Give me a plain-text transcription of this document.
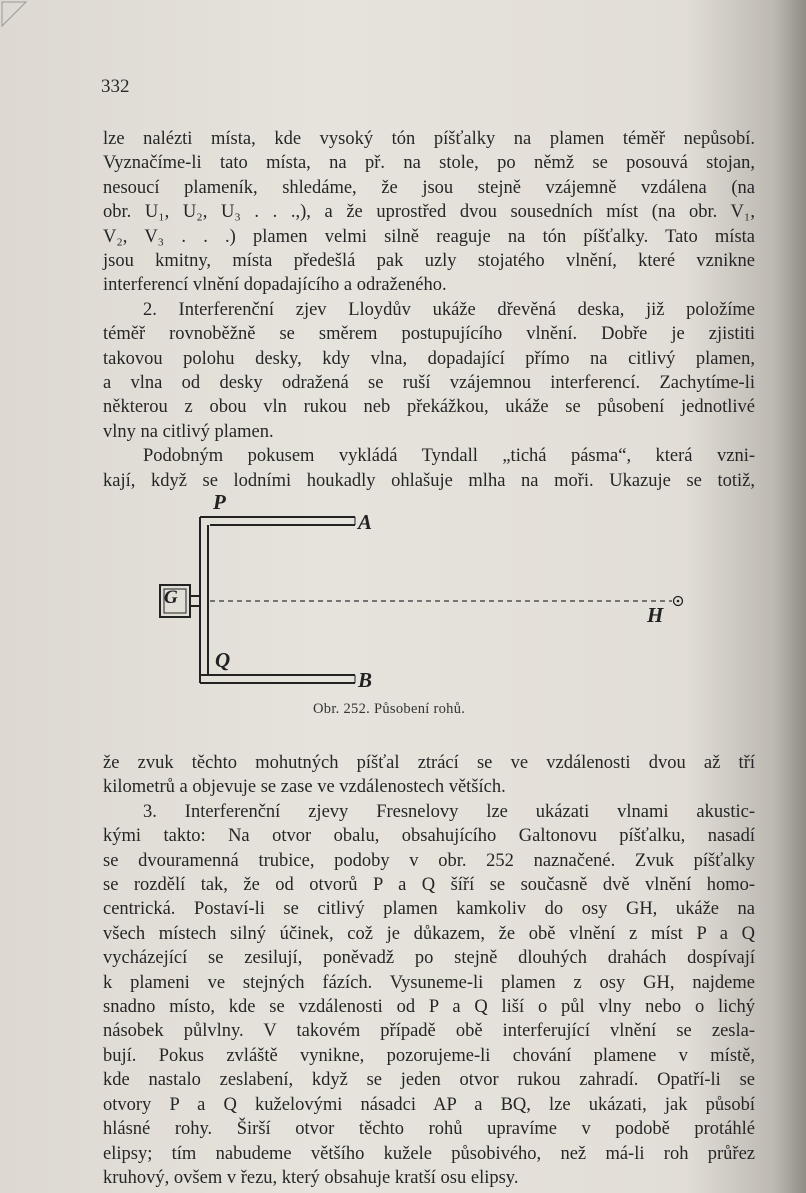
332
lze nalézti místa, kde vysoký tón píšťalky na plamen téměř nepůsobí.
Vyznačíme-li tato místa, na př. na stole, po němž se posouvá stojan,
nesoucí plameník, shledáme, že jsou stejně vzájemně vzdálena (na
obr. U₁, U₂, U₃ . . .,), a že uprostřed dvou sousedních míst (na obr. V₁,
V₂, V₃ . . .) plamen velmi silně reaguje na tón píšťalky. Tato místa
jsou kmitny, místa předešlá pak uzly stojatého vlnění, které vznikne
interferencí vlnění dopadajícího a odraženého.
2. Interferenční zjev Lloydův ukáže dřevěná deska, již položíme
téměř rovnoběžně se směrem postupujícího vlnění. Dobře je zjistiti
takovou polohu desky, kdy vlna, dopadající přímo na citlivý plamen,
a vlna od desky odražená se ruší vzájemnou interferencí. Zachytíme-li
některou z obou vln rukou neb překážkou, ukáže se působení jednotlivé
vlny na citlivý plamen.
Podobným pokusem vykládá Tyndall „tichá pásma“, která vzni-
kají, když se lodními houkadly ohlašuje mlha na moři. Ukazuje se totiž,
P
A
G
H
Q
B
Obr. 252. Působení rohů.
že zvuk těchto mohutných píšťal ztrácí se ve vzdálenosti dvou až tří
kilometrů a objevuje se zase ve vzdálenostech větších.
3. Interferenční zjevy Fresnelovy lze ukázati vlnami akustic-
kými takto: Na otvor obalu, obsahujícího Galtonovu píšťalku, nasadí
se dvouramenná trubice, podoby v obr. 252 naznačené. Zvuk píšťalky
se rozdělí tak, že od otvorů P a Q šíří se současně dvě vlnění homo-
centrická. Postaví-li se citlivý plamen kamkoliv do osy GH, ukáže na
všech místech silný účinek, což je důkazem, že obě vlnění z míst P a Q
vycházející se zesilují, poněvadž po stejně dlouhých drahách dospívají
k plameni ve stejných fázích. Vysuneme-li plamen z osy GH, najdeme
snadno místo, kde se vzdálenosti od P a Q liší o půl vlny nebo o lichý
násobek půlvlny. V takovém případě obě interferující vlnění se zesla-
bují. Pokus zvláště vynikne, pozorujeme-li chování plamene v místě,
kde nastalo zeslabení, když se jeden otvor rukou zahradí. Opatří-li se
otvory P a Q kuželovými násadci AP a BQ, lze ukázati, jak působí
hlásné rohy. Širší otvor těchto rohů upravíme v podobě protáhlé
elipsy; tím nabudeme většího kužele působivého, než má-li roh průřez
kruhový, ovšem v řezu, který obsahuje kratší osu elipsy.
